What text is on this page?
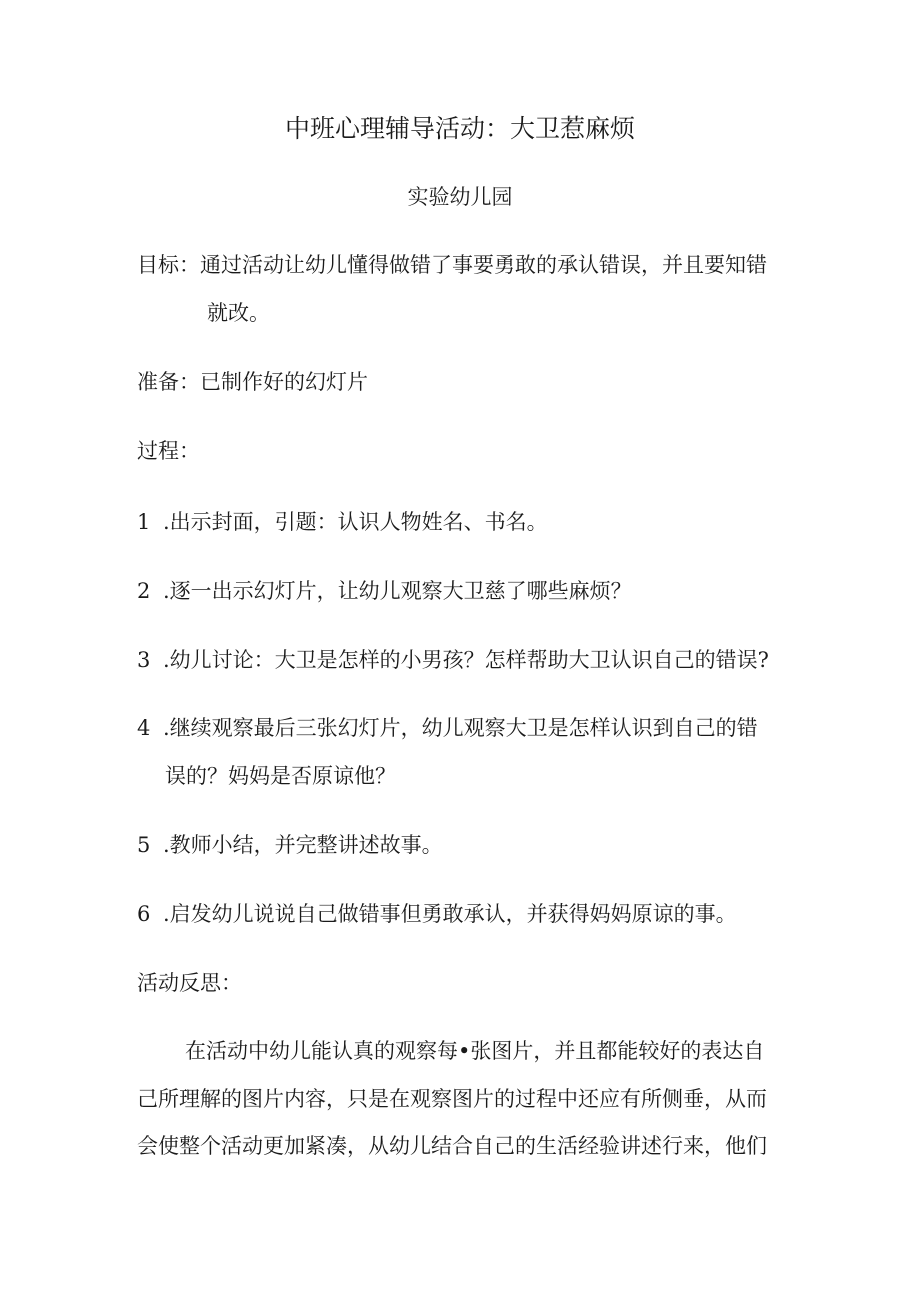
中班心理辅导活动：大卫惹麻烦
实验幼儿园
目标：通过活动让幼儿懂得做错了事要勇敢的承认错误，并且要知错
就改。
准备：已制作好的幻灯片
过程：
1 .出示封面，引题：认识人物姓名、书名。
2 .逐一出示幻灯片，让幼儿观察大卫慈了哪些麻烦？
3 .幼儿讨论：大卫是怎样的小男孩？怎样帮助大卫认识自己的错误?
4 .继续观察最后三张幻灯片，幼儿观察大卫是怎样认识到自己的错
误的？妈妈是否原谅他？
5 .教师小结，并完整讲述故事。
6 .启发幼儿说说自己做错事但勇敢承认，并获得妈妈原谅的事。
活动反思：
在活动中幼儿能认真的观察每•张图片，并且都能较好的表达自
己所理解的图片内容，只是在观察图片的过程中还应有所侧垂，从而
会使整个活动更加紧凑，从幼儿结合自己的生活经验讲述行来，他们
